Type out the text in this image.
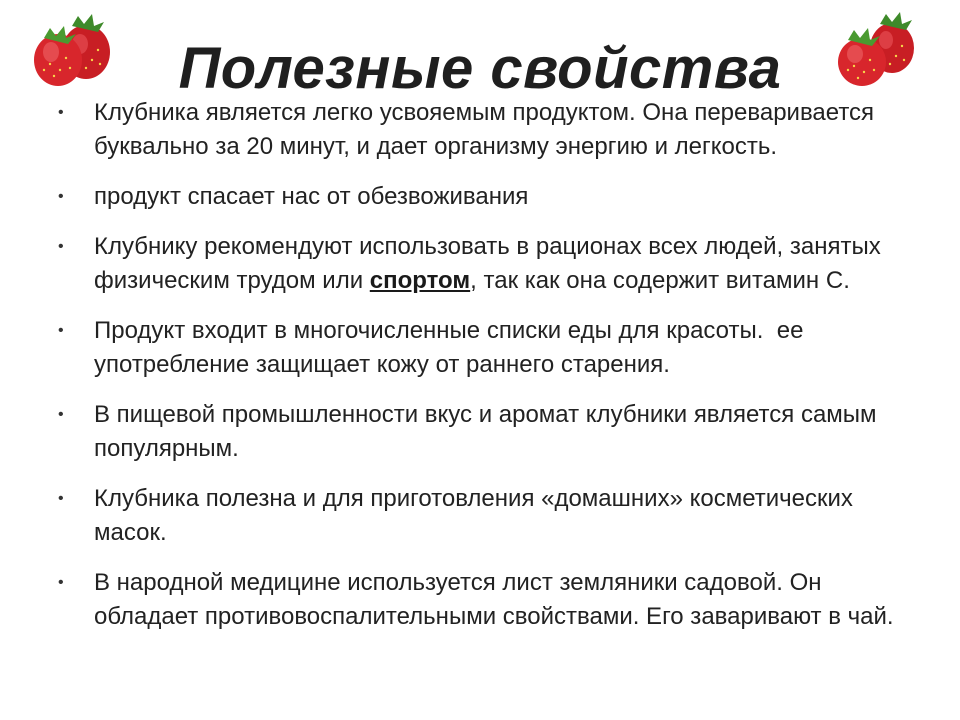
Полезные свойства
• Клубника является легко усвояемым продуктом. Она переваривается буквально за 20 минут, и дает организму энергию и легкость.
• продукт спасает нас от обезвоживания
• Клубнику рекомендуют использовать в рационах всех людей, занятых физическим трудом или спортом, так как она содержит витамин С.
• Продукт входит в многочисленные списки еды для красоты.  ее употребление защищает кожу от раннего старения.
• В пищевой промышленности вкус и аромат клубники является самым популярным.
• Клубника полезна и для приготовления «домашних» косметических масок.
• В народной медицине используется лист земляники садовой. Он обладает противовоспалительными свойствами. Его заваривают в чай.
